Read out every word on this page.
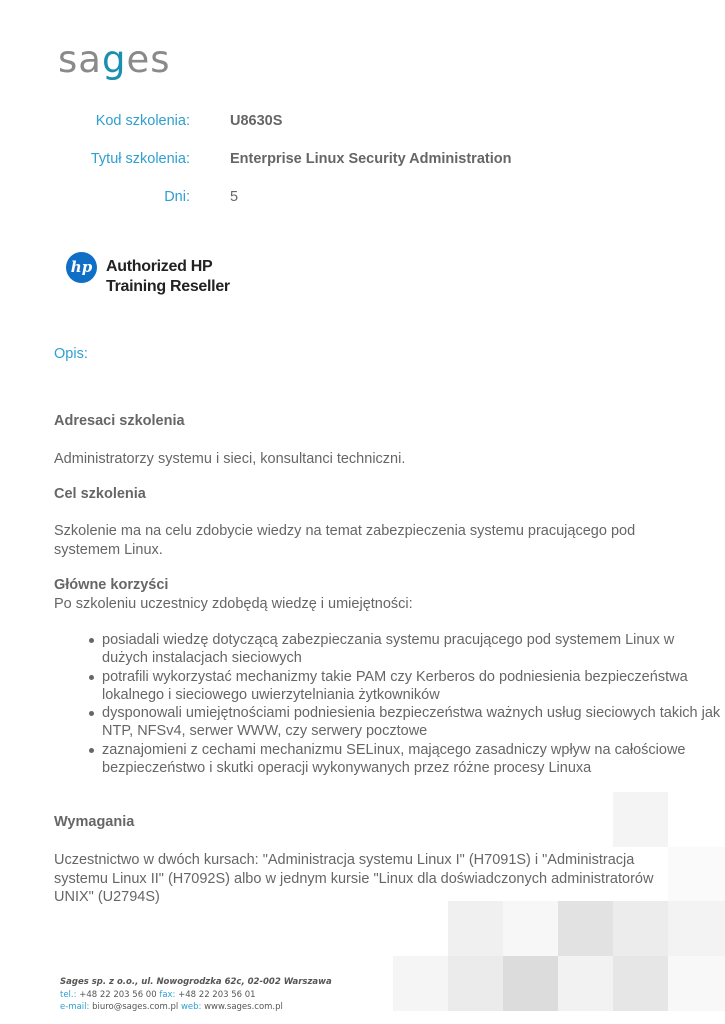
sages
Kod szkolenia:	U8630S
Tytuł szkolenia:	Enterprise Linux Security Administration
Dni:	5
hp Authorized HP
Training Reseller
Opis:
Adresaci szkolenia
Administratorzy systemu i sieci, konsultanci techniczni.
Cel szkolenia
Szkolenie ma na celu zdobycie wiedzy na temat zabezpieczenia systemu pracującego pod systemem Linux.
Główne korzyści
Po szkoleniu uczestnicy zdobędą wiedzę i umiejętności:
posiadali wiedzę dotyczącą zabezpieczania systemu pracującego pod systemem Linux w dużych instalacjach sieciowych
potrafili wykorzystać mechanizmy takie PAM czy Kerberos do podniesienia bezpieczeństwa lokalnego i sieciowego uwierzytelniania żytkowników
dysponowali umiejętnościami podniesienia bezpieczeństwa ważnych usług sieciowych takich jak NTP, NFSv4, serwer WWW, czy serwery pocztowe
zaznajomieni z cechami mechanizmu SELinux, mającego zasadniczy wpływ na całościowe bezpieczeństwo i skutki operacji wykonywanych przez różne procesy Linuxa
Wymagania
Uczestnictwo w dwóch kursach: "Administracja systemu Linux I" (H7091S) i "Administracja systemu Linux II" (H7092S) albo w jednym kursie "Linux dla doświadczonych administratorów UNIX" (U2794S)
Sages sp. z o.o., ul. Nowogrodzka 62c, 02-002 Warszawa
tel.: +48 22 203 56 00 fax: +48 22 203 56 01
e-mail: biuro@sages.com.pl web: www.sages.com.pl
